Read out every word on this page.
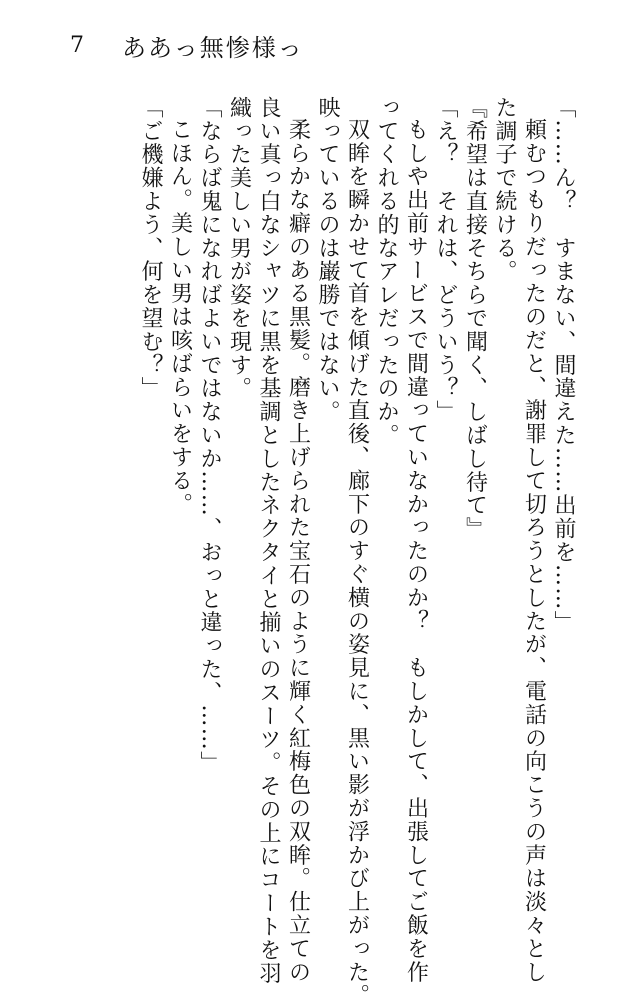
7 ああっ無惨様っ
「……ん？　すまない、間違えた……出前を……」
頼むつもりだったのだと、謝罪して切ろうとしたが、電話の向こうの声は淡々とし
た調子で続ける。
『希望は直接そちらで聞く、しばし待て』
「え？　それは、どういう？」
もしや出前サービスで間違っていなかったのか？　もしかして、出張してご飯を作
ってくれる的なアレだったのか。
双眸を瞬かせて首を傾げた直後、廊下のすぐ横の姿見に、黒い影が浮かび上がった。
映っているのは巌勝ではない。
柔らかな癖のある黒髪。磨き上げられた宝石のように輝く紅梅色の双眸。仕立ての
良い真っ白なシャツに黒を基調としたネクタイと揃いのスーツ。その上にコートを羽
織った美しい男が姿を現す。
「ならば鬼になればよいではないか……、おっと違った、……」
こほん。美しい男は咳ばらいをする。
「ご機嫌よう、何を望む？」
